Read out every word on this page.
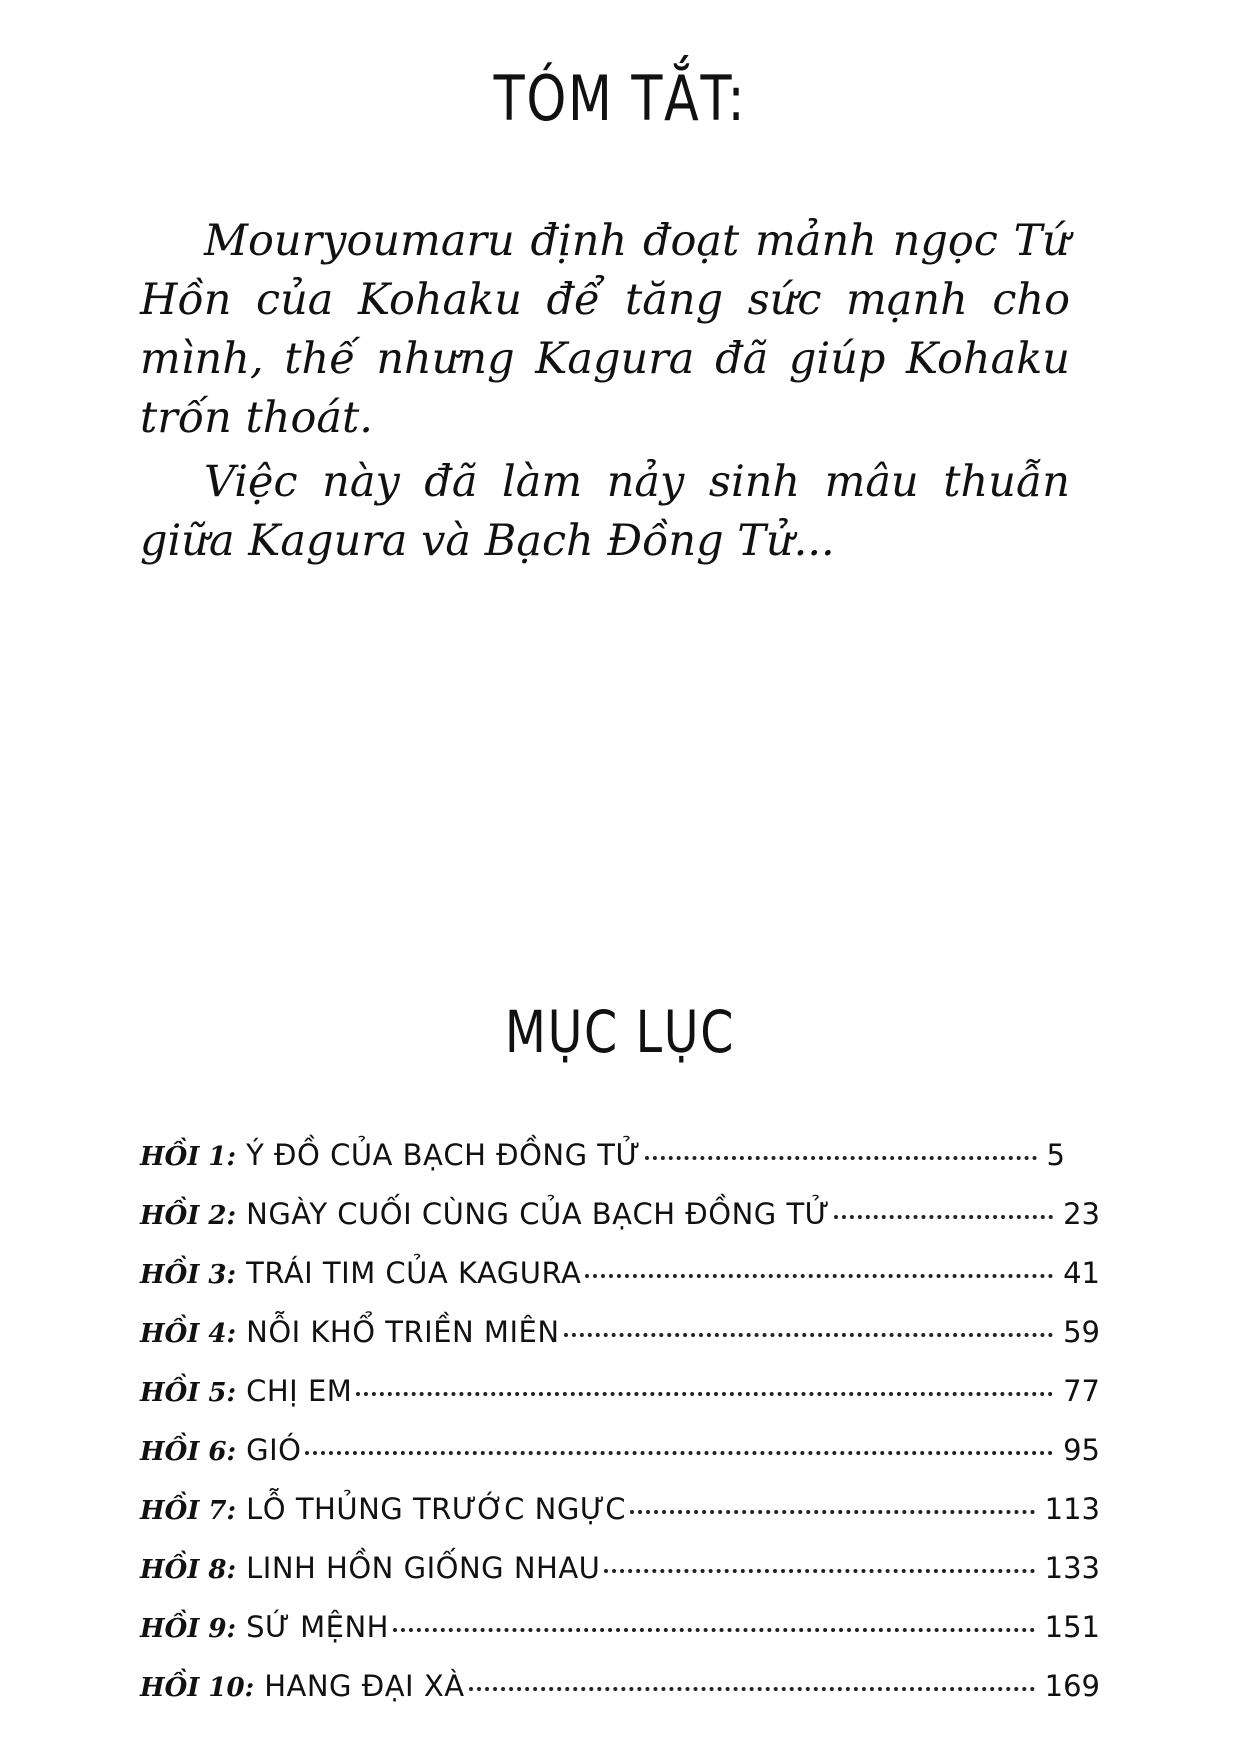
TÓM TẮT:

Mouryoumaru định đoạt mảnh ngọc Tứ Hồn của Kohaku để tăng sức mạnh cho mình, thế nhưng Kagura đã giúp Kohaku trốn thoát.

Việc này đã làm nảy sinh mâu thuẫn giữa Kagura và Bạch Đồng Tử...

MỤC LỤC
HỒI 1: Ý ĐỒ CỦA BẠCH ĐỒNG TỬ	5
HỒI 2: NGÀY CUỐI CÙNG CỦA BẠCH ĐỒNG TỬ	23
HỒI 3: TRÁI TIM CỦA KAGURA	41
HỒI 4: NỖI KHỔ TRIỀN MIÊN	59
HỒI 5: CHỊ EM	77
HỒI 6: GIÓ	95
HỒI 7: LỖ THỦNG TRƯỚC NGỰC	113
HỒI 8: LINH HỒN GIỐNG NHAU	133
HỒI 9: SỨ MỆNH	151
HỒI 10: HANG ĐẠI XÀ	169
